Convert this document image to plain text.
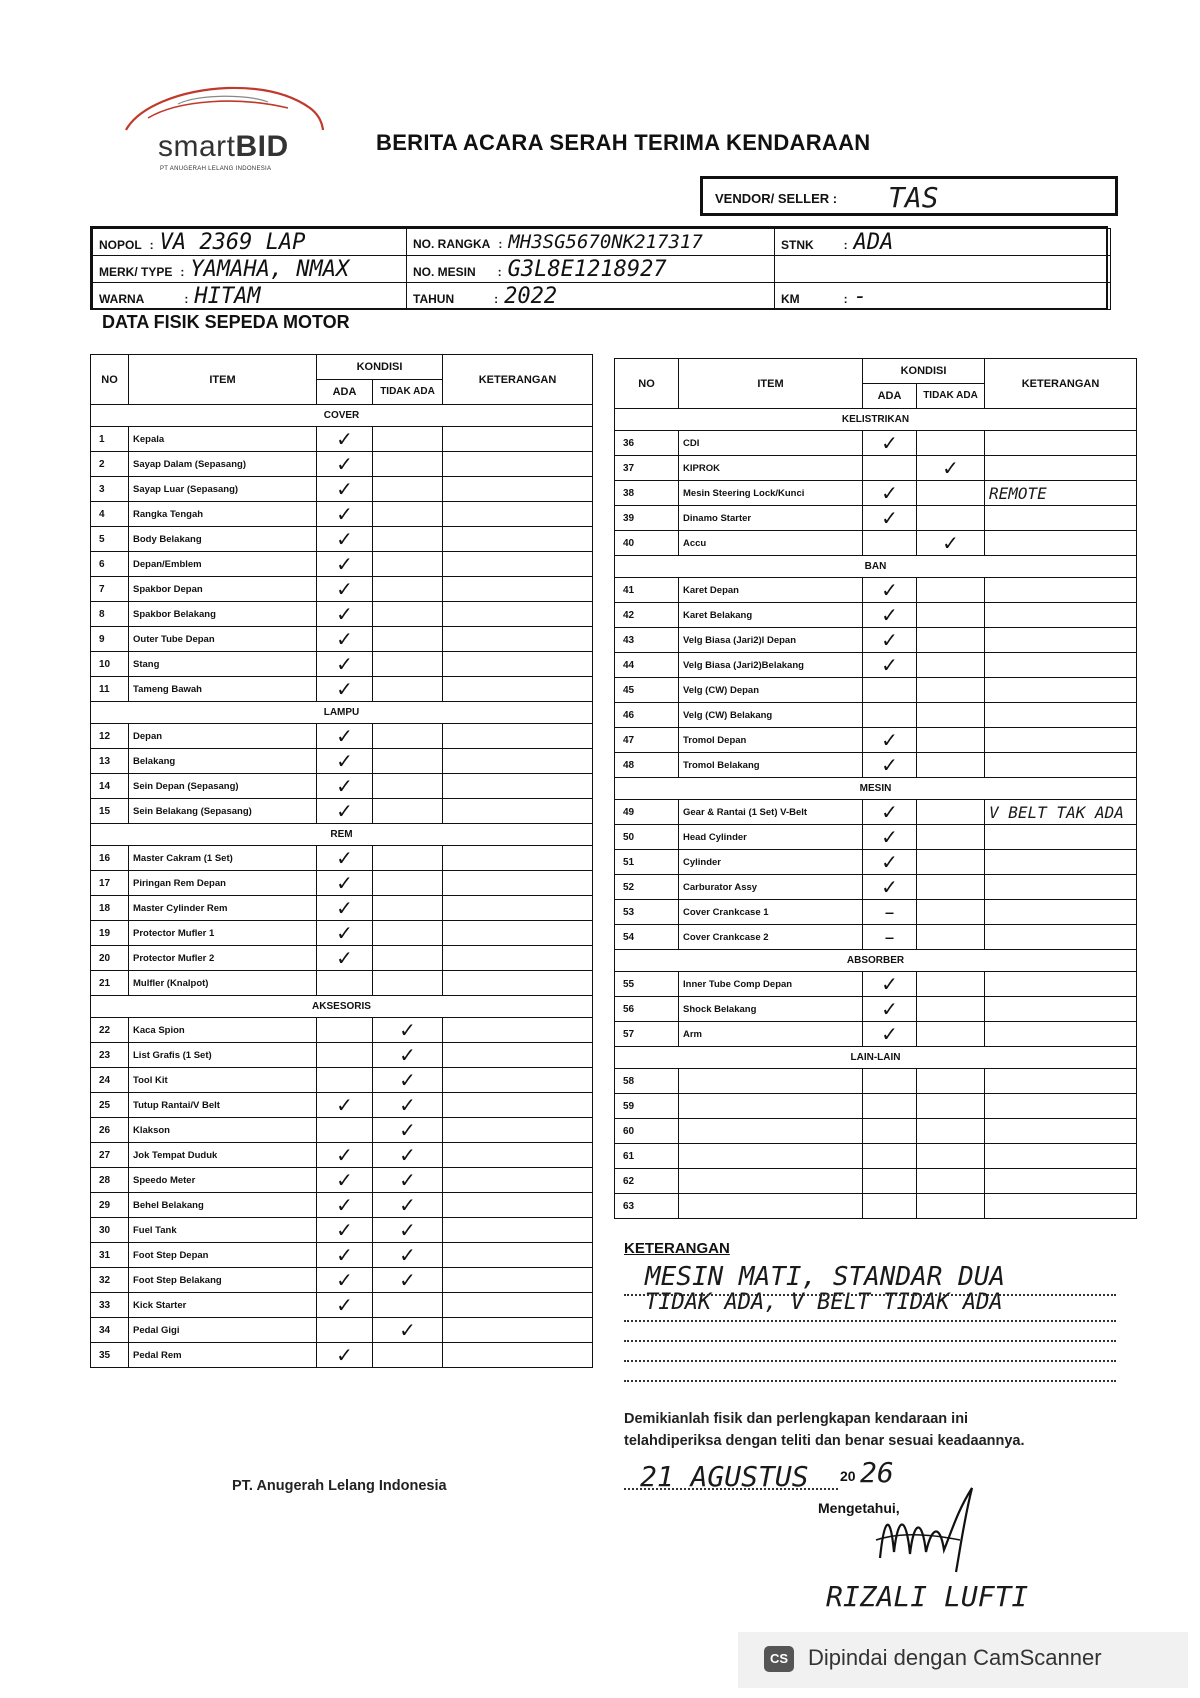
smartBID
PT ANUGERAH LELANG INDONESIA
BERITA ACARA SERAH TERIMA KENDARAAN
VENDOR/ SELLER : TAS
NOPOL : VA 2369 LAP	NO. RANGKA : MH3SG5670NK217317	STNK : ADA
MERK/ TYPE : YAMAHA, NMAX	NO. MESIN : G3L8E1218927	
WARNA : HITAM	TAHUN : 2022	KM : -
DATA FISIK SEPEDA MOTOR
NO	ITEM	KONDISI		KETERANGAN
		ADA	TIDAK ADA	
COVER				
1	Kepala	✓		
2	Sayap Dalam (Sepasang)	✓		
3	Sayap Luar (Sepasang)	✓		
4	Rangka Tengah	✓		
5	Body Belakang	✓		
6	Depan/Emblem	✓		
7	Spakbor Depan	✓		
8	Spakbor Belakang	✓		
9	Outer Tube Depan	✓		
10	Stang	✓		
11	Tameng Bawah	✓		
LAMPU				
12	Depan	✓		
13	Belakang	✓		
14	Sein Depan (Sepasang)	✓		
15	Sein Belakang (Sepasang)	✓		
REM				
16	Master Cakram (1 Set)	✓		
17	Piringan Rem Depan	✓		
18	Master Cylinder Rem	✓		
19	Protector Mufler 1	✓		
20	Protector Mufler 2	✓		
21	Mulfler (Knalpot)			
AKSESORIS				
22	Kaca Spion		✓	
23	List Grafis (1 Set)		✓	
24	Tool Kit		✓	
25	Tutup Rantai/V Belt	✓	✓	
26	Klakson		✓	
27	Jok Tempat Duduk	✓	✓	
28	Speedo Meter	✓	✓	
29	Behel Belakang	✓	✓	
30	Fuel Tank	✓	✓	
31	Foot Step Depan	✓	✓	
32	Foot Step Belakang	✓	✓	
33	Kick Starter	✓		
34	Pedal Gigi		✓	
35	Pedal Rem	✓		
NO	ITEM	KONDISI		KETERANGAN
		ADA	TIDAK ADA	
KELISTRIKAN				
36	CDI	✓		
37	KIPROK		✓	
38	Mesin Steering Lock/Kunci	✓		REMOTE
39	Dinamo Starter	✓		
40	Accu		✓	
BAN				
41	Karet Depan	✓		
42	Karet Belakang	✓		
43	Velg Biasa (Jari2)l Depan	✓		
44	Velg Biasa (Jari2)Belakang	✓		
45	Velg (CW) Depan			
46	Velg (CW) Belakang			
47	Tromol Depan	✓		
48	Tromol Belakang	✓		
MESIN				
49	Gear & Rantai (1 Set) V-Belt	✓		V BELT TAK ADA
50	Head Cylinder	✓		
51	Cylinder	✓		
52	Carburator Assy	✓		
53	Cover Crankcase 1	–		
54	Cover Crankcase 2	–		
ABSORBER				
55	Inner Tube Comp Depan	✓		
56	Shock Belakang	✓		
57	Arm	✓		
LAIN-LAIN				
58				
59				
60				
61				
62				
63				
KETERANGAN
MESIN MATI, STANDAR DUA
TIDAK ADA, V BELT TIDAK ADA
Demikianlah fisik dan perlengkapan kendaraan ini
telahdiperiksa dengan teliti dan benar sesuai keadaannya.
PT. Anugerah Lelang Indonesia	21 AGUSTUS 20 26
Mengetahui,
RIZALI LUFTI
CS Dipindai dengan CamScanner
